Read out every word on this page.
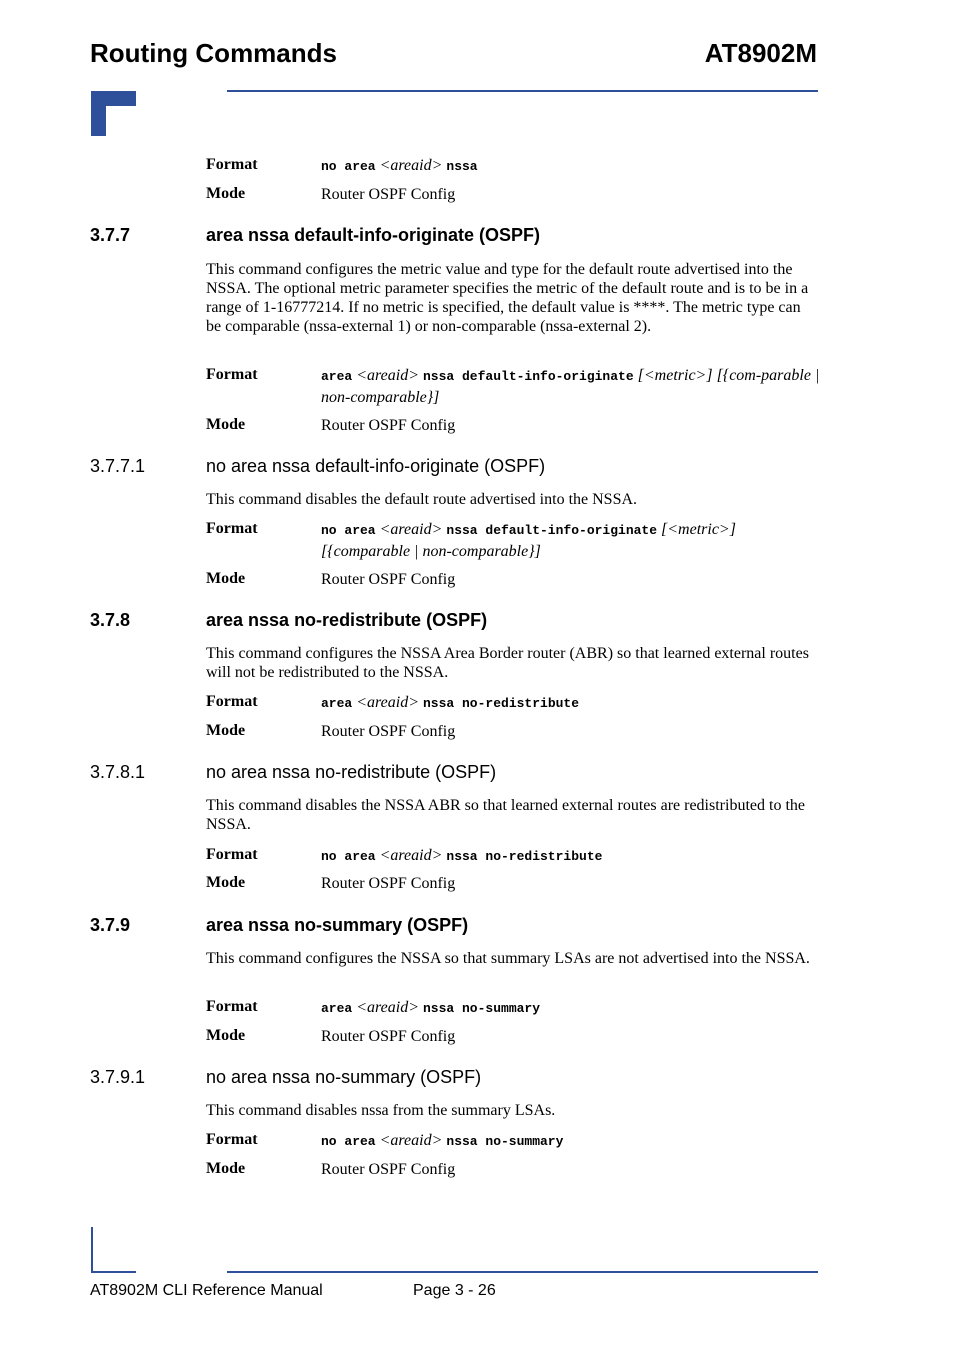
Routing Commands	AT8902M
Format	no area <areaid> nssa
Mode	Router OSPF Config
3.7.7	area nssa default-info-originate (OSPF)
This command configures the metric value and type for the default route advertised into the NSSA. The optional metric parameter specifies the metric of the default route and is to be in a range of 1-16777214. If no metric is specified, the default value is ****. The metric type can be comparable (nssa-external 1) or non-comparable (nssa-external 2).
Format	area <areaid> nssa default-info-originate [<metric>] [{com-parable | non-comparable}]
Mode	Router OSPF Config
3.7.7.1	no area nssa default-info-originate (OSPF)
This command disables the default route advertised into the NSSA.
Format	no area <areaid> nssa default-info-originate [<metric>] [{comparable | non-comparable}]
Mode	Router OSPF Config
3.7.8	area nssa no-redistribute (OSPF)
This command configures the NSSA Area Border router (ABR) so that learned external routes will not be redistributed to the NSSA.
Format	area <areaid> nssa no-redistribute
Mode	Router OSPF Config
3.7.8.1	no area nssa no-redistribute (OSPF)
This command disables the NSSA ABR so that learned external routes are redistributed to the NSSA.
Format	no area <areaid> nssa no-redistribute
Mode	Router OSPF Config
3.7.9	area nssa no-summary (OSPF)
This command configures the NSSA so that summary LSAs are not advertised into the NSSA.
Format	area <areaid> nssa no-summary
Mode	Router OSPF Config
3.7.9.1	no area nssa no-summary (OSPF)
This command disables nssa from the summary LSAs.
Format	no area <areaid> nssa no-summary
Mode	Router OSPF Config
AT8902M CLI Reference Manual	Page 3 - 26
